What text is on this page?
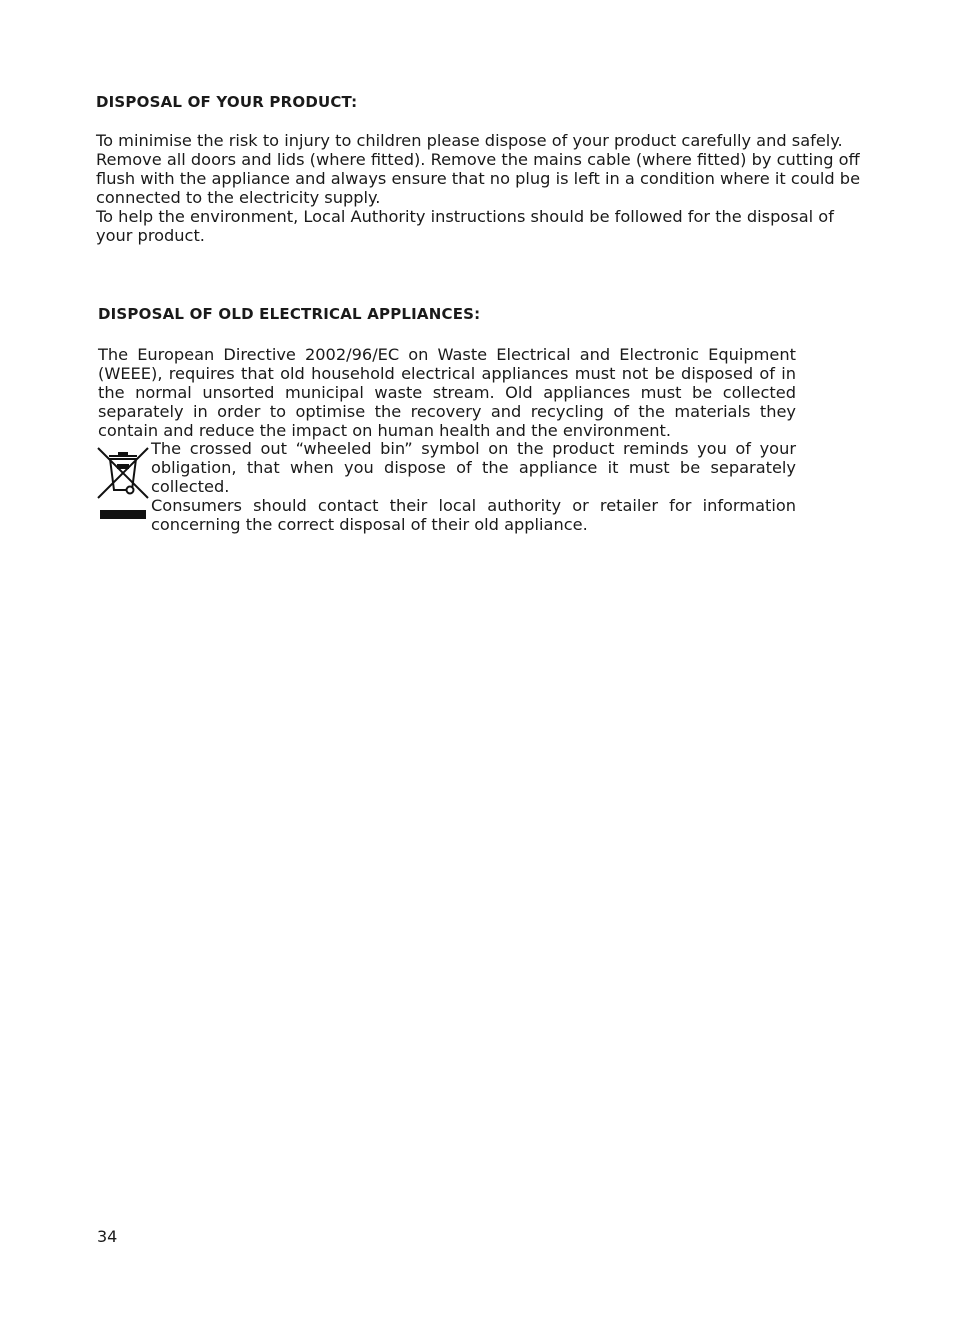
DISPOSAL OF YOUR PRODUCT:

To minimise the risk to injury to children please dispose of your product carefully and safely. Remove all doors and lids (where fitted). Remove the mains cable (where fitted) by cutting off flush with the appliance and always ensure that no plug is left in a condition where it could be connected to the electricity supply.

To help the environment, Local Authority instructions should be followed for the disposal of your product.

DISPOSAL OF OLD ELECTRICAL APPLIANCES:

The European Directive 2002/96/EC on Waste Electrical and Electronic Equipment (WEEE), requires that old household electrical appliances must not be disposed of in the normal unsorted municipal waste stream. Old appliances must be collected separately in order to optimise the recovery and recycling of the materials they contain and reduce the impact on human health and the environment.

The crossed out “wheeled bin” symbol on the product reminds you of your obligation, that when you dispose of the appliance it must be separately collected.

Consumers should contact their local authority or retailer for information concerning the correct disposal of their old appliance.

34
